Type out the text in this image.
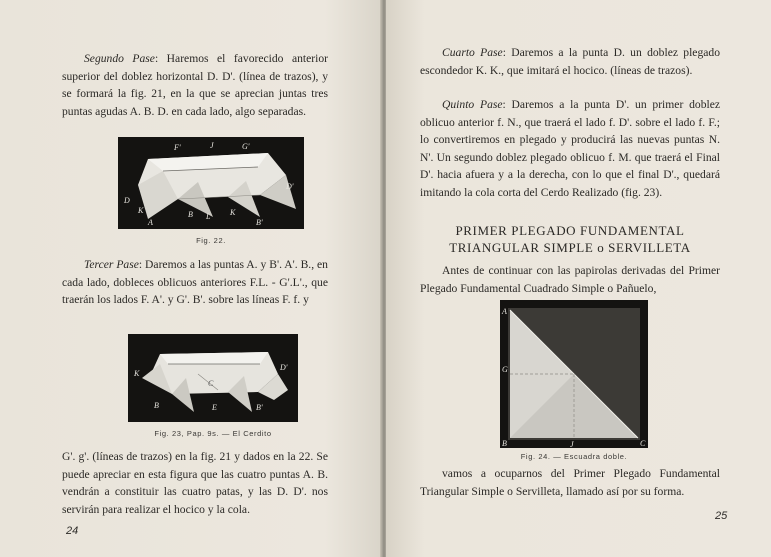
Segundo Pase: Haremos el favorecido anterior superior del doblez horizontal D. D'. (línea de trazos), y se formará la fig. 21, en la que se aprecian juntas tres puntas agudas A. B. D. en cada lado, algo separadas.

F'	J	G'
D
D'
K
A
L
B	K
B'
Fig. 22.

Tercer Pase: Daremos a las puntas A. y B'. A'. B., en cada lado, dobleces oblicuos anteriores F.L. - G'.L'., que traerán los lados F. A'. y G'. B'. sobre las líneas F. f. y

K
B
C
D'
E	B'
Fig. 23, Pap. 9s. — El Cerdito

G'. g'. (líneas de trazos) en la fig. 21 y dados en la 22. Se puede apreciar en esta figura que las cuatro puntas A. B. vendrán a constituir las cuatro patas, y las D. D'. nos servirán para realizar el hocico y la cola.

24

Cuarto Pase: Daremos a la punta D. un doblez plegado escondedor K. K., que imitará el hocico. (líneas de trazos).

Quinto Pase: Daremos a la punta D'. un primer doblez oblicuo anterior f. N., que traerá el lado f. D'. sobre el lado f. F.; lo convertiremos en plegado y producirá las nuevas puntas N. N'. Un segundo doblez plegado oblicuo f. M. que traerá el Final D'. hacia afuera y a la derecha, con lo que el final D'., quedará imitando la cola corta del Cerdo Realizado (fig. 23).

PRIMER PLEGADO FUNDAMENTAL
TRIANGULAR SIMPLE o SERVILLETA

Antes de continuar con las papirolas derivadas del Primer Plegado Fundamental Cuadrado Simple o Pañuelo,

A
G
B	J	C
Fig. 24. — Escuadra doble.

vamos a ocuparnos del Primer Plegado Fundamental Triangular Simple o Servilleta, llamado así por su forma.

25
